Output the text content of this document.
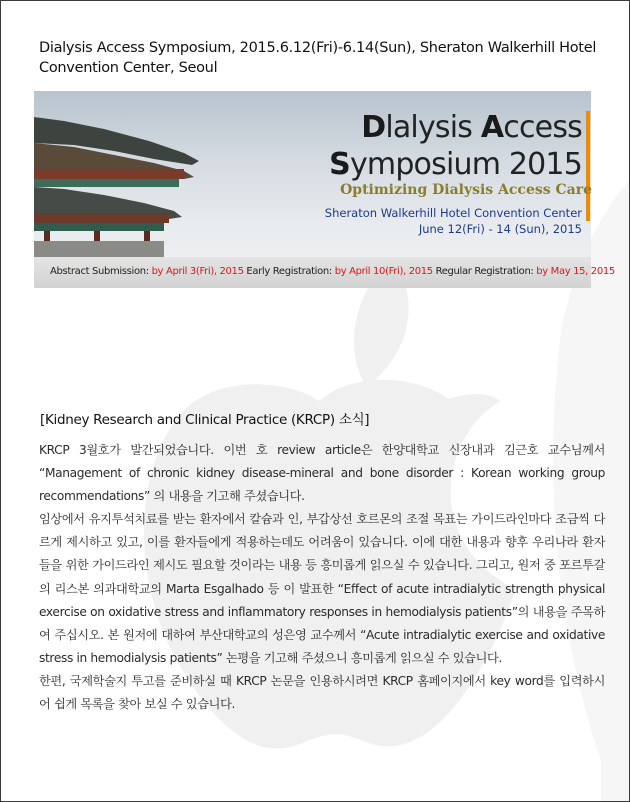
Dialysis Access Symposium, 2015.6.12(Fri)-6.14(Sun), Sheraton Walkerhill Hotel
Convention Center, Seoul
Dlalysis Access
Symposium 2015
Optimizing Dialysis Access Care
Sheraton Walkerhill Hotel Convention Center
June 12(Fri) - 14 (Sun), 2015
Abstract Submission: by April 3(Fri), 2015 Early Registration: by April 10(Fri), 2015 Regular Registration: by May 15, 2015
[Kidney Research and Clinical Practice (KRCP) 소식]

KRCP 3월호가 발간되었습니다. 이번 호 review article은 한양대학교 신장내과 김근호 교수님께서 “Management of chronic kidney disease-mineral and bone disorder : Korean working group recommendations” 의 내용을 기고해 주셨습니다.

임상에서 유지투석치료를 받는 환자에서 칼슘과 인, 부갑상선 호르몬의 조절 목표는 가이드라인마다 조금씩 다르게 제시하고 있고, 이를 환자들에게 적용하는데도 어려움이 있습니다. 이에 대한 내용과 향후 우리나라 환자들을 위한 가이드라인 제시도 필요할 것이라는 내용 등 흥미롭게 읽으실 수 있습니다. 그리고, 원저 중 포르투갈의 리스본 의과대학교의 Marta Esgalhado 등 이 발표한 “Effect of acute intradialytic strength physical exercise on oxidative stress and inflammatory responses in hemodialysis patients”의 내용을 주목하여 주십시오. 본 원저에 대하여 부산대학교의 성은영 교수께서 “Acute intradialytic exercise and oxidative stress in hemodialysis patients” 논평을 기고해 주셨으니 흥미롭게 읽으실 수 있습니다.

한편, 국제학술지 투고를 준비하실 때 KRCP 논문을 인용하시려면 KRCP 홈페이지에서 key word를 입력하시어 쉽게 목록을 찾아 보실 수 있습니다.
